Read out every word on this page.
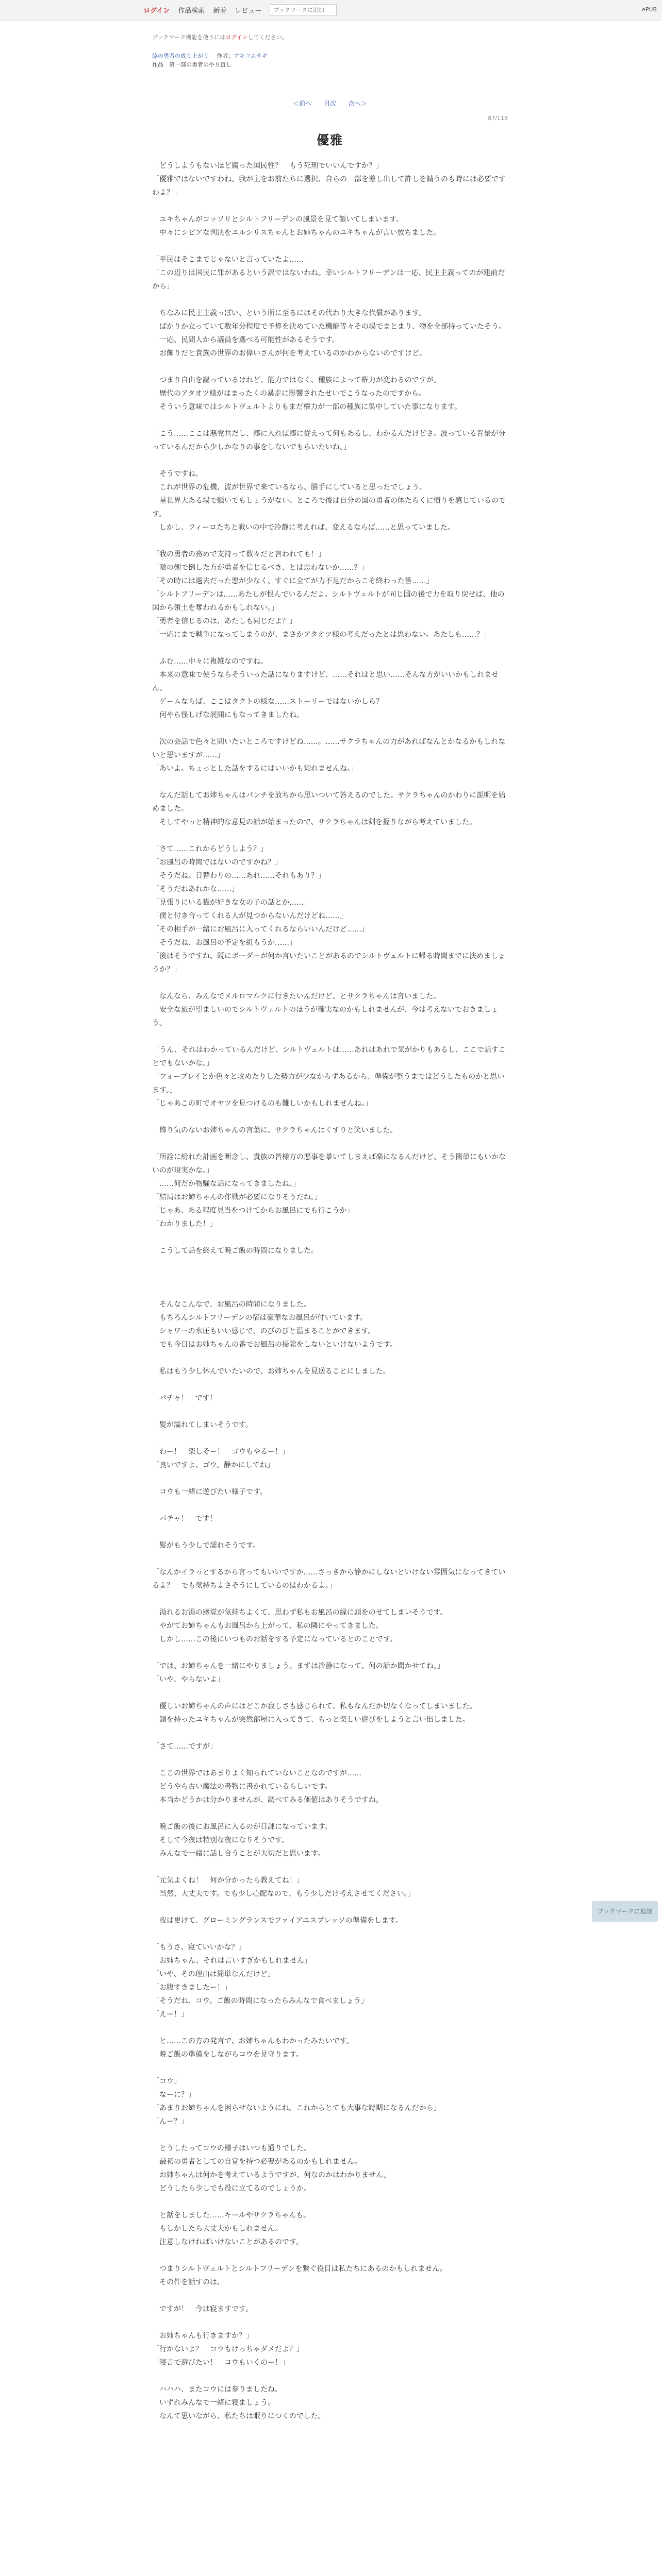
ログイン 作品検索 新着 レビュー
ブックマークに追加	ePUB
ブックマーク機能を使うにはログインしてください。
脇の勇者の成り上がり 作者：アキコムサギ
作品　第一部の勇者のやり直し
＜前へ 目次 次へ＞
87/118
優雅

「どうしようもないほど腐った国民性？　もう死刑でいいんですか？」

「優雅ではないですわね。我が主をお前たちに選択、自らの一部を差し出して許しを請うのも時には必要ですわよ？」

　ユキちゃんがコッソリとシルトフリーデンの風景を見て頷いてしまいます。

　中々にシビアな判決をエルシリスちゃんとお姉ちゃんのユキちゃんが言い放ちました。

「平民はそこまでじゃないと言っていたよ……」

「この辺りは国民に罪があるという訳ではないわね。幸いシルトフリーデンは一応、民主主義ってのが建前だから」

　ちなみに民主主義っぽい、という所に至るにはその代わり大きな代償があります。

　ばかりか立っていて数年分程度で予算を決めていた機能等々その場でまとまり、物を全部持っていたそう。

　一応、民間人から議員を選べる可能性があるそうです。

　お飾りだと貴族の世界のお偉いさんが何を考えているのかわからないのですけど。

　つまり自由を謳っているけれど、能力ではなく、種族によって権力が変わるのですが。

　歴代のアタオツ様がはまったくの暴走に影響されたせいでこうなったのですから。

　そういう意味ではシルトヴェルトよりもまだ権力が一部の種族に集中していた事になります。

「こう……ここは悪党共だし、郷に入れば郷に従えって何もあるし、わかるんだけどさ。波っている背景が分っているんだから少しかなりの事をしないでもらいたいね。」

　そうですね。

　これが世界の危機、波が世界で来ているなら、勝手にしていると思ったでしょう。

　星世界大ある場で騒いでもしょうがない。ところで後は自分の国の勇者の体たらくに憤りを感じているのです。

　しかし、フィーロたちと戦いの中で冷静に考えれば、変えるならば……と思っていました。

「我の勇者の務めで支持って数々だと言われても！」

「敵の剣で倒した方が勇者を信じるべき、とは思わないか……？」

「その時には過去だった悪が少なく、すぐに全てが力不足だからこそ終わった筈……」

「シルトフリーデンは……あたしが恨んでいるんだよ。シルトヴェルトが同じ国の後で力を取り戻せば、他の国から領土を奪われるかもしれない。」

「勇者を信じるのは、あたしも同じだよ？」

「一応にまで戦争になってしまうのが、まさかアタオツ様の考えだったとは思わない。あたしも……？」

　ふむ……中々に複雑なのですね。

　本来の意味で使うならそういった話になりますけど、……それはと思い……そんな方がいいかもしれません。

　ゲームならば、ここはタクトの様な……ストーリーではないかしら？

　何やら怪しげな展開にもなってきましたね。

「次の会話で色々と問いたいところですけどね……。……サクラちゃんの力があればなんとかなるかもしれないと思いますが……」

「あいよ。ちょっとした話をするにはいいかも知れませんね。」

　なんだ話してお姉ちゃんはパンチを放ちから思いついて答えるのでした。サクラちゃんのかわりに説明を始めました。

　そしてやっと精神的な意見の話が始まったので、サクラちゃんは剣を握りながら考えていました。

「さて……これからどうしよう？」

「お風呂の時間ではないのですかね？」

「そうだね。日替わりの……あれ……それもあり？」

「そうだねあれかな……」

「見張りにいる猫が好きな女の子の話とか……」

「僕と付き合ってくれる人が見つからないんだけどね……」

「その相手が一緒にお風呂に入ってくれるならいいんだけど……」

「そうだね、お風呂の予定を組もうか……」

「後はそうですね、既にボーダーが何か言いたいことがあるのでシルトヴェルトに帰る時間までに決めましょうか？」

　なんなら、みんなでメルロマルクに行きたいんだけど、とサクラちゃんは言いました。

　安全な旅が望ましいのでシルトヴェルトのほうが確実なのかもしれませんが、今は考えないでおきましょう。

「うん、それはわかっているんだけど、シルトヴェルトは……あれはあれで気がかりもあるし、ここで話すことでもないかな。」

「フォーブレイとか色々と攻めたりした勢力が少なからずあるから、準備が整うまではどうしたものかと思います。」

「じゃあこの町でオヤツを見つけるのも難しいかもしれませんね。」

　飾り気のないお姉ちゃんの言葉に、サクラちゃんはくすりと笑いました。

「所詮に紛れた計画を断念し、貴族の皆様方の悪事を暴いてしまえば楽になるんだけど、そう簡単にもいかないのが現実かな。」

「……何だか物騒な話になってきましたね。」

「結局はお姉ちゃんの作戦が必要になりそうだね。」

「じゃあ、ある程度見当をつけてからお風呂にでも行こうか」

「わかりました！」

　こうして話を終えて晩ご飯の時間になりました。

　そんなこんなで、お風呂の時間になりました。

　もちろんシルトフリーデンの宿は豪華なお風呂が付いています。

　シャワーの水圧もいい感じで、のびのびと温まることができます。

　でも今日はお姉ちゃんの番でお風呂の掃除をしないといけないようです。

　私はもう少し休んでいたいので、お姉ちゃんを見送ることにしました。

　パチャ！　です！

　髪が濡れてしまいそうです。

「わー！　楽しそー！　ゴウもやるー！」

「良いですよ、ゴウ。静かにしてね」

　コウも一緒に遊びたい様子です。

　パチャ！　です！

　髪がもう少しで濡れそうです。

「なんかイラっとするから言ってもいいですか……さっきから静かにしないといけない雰囲気になってきているよ？　でも気持ちよさそうにしているのはわかるよ。」

　溢れるお湯の感覚が気持ちよくて、思わず私もお風呂の縁に頭をのせてしまいそうです。

　やがてお姉ちゃんもお風呂から上がって、私の隣にやってきました。

　しかし……この後にいつものお話をする予定になっているとのことです。

「では、お姉ちゃんを一緒にやりましょう。まずは冷静になって、何の話か聞かせてね。」

「いや、やらないよ」

　優しいお姉ちゃんの声にはどこか寂しさも感じられて、私もなんだか切なくなってしまいました。

　鎖を持ったユキちゃんが突然部屋に入ってきて、もっと楽しい遊びをしようと言い出しました。

「さて……ですが」

　ここの世界ではあまりよく知られていないことなのですが……

　どうやら古い魔法の書物に書かれているらしいです。

　本当かどうかは分かりませんが、調べてみる価値はありそうですね。

　晩ご飯の後にお風呂に入るのが日課になっています。

　そして今夜は特別な夜になりそうです。

　みんなで一緒に話し合うことが大切だと思います。

「元気よくね！　何か分かったら教えてね！」

「当然、大丈夫です。でも少し心配なので、もう少しだけ考えさせてください。」

　夜は更けて、グローミングランスでファイアエスプレッソの準備をします。

「もうさ、寝ていいかな？」

「お姉ちゃん、それは言いすぎかもしれません」

「いや、その理由は簡単なんだけど」

「お腹すきましたー！」

「そうだね、コウ。ご飯の時間になったらみんなで食べましょう」

「えー！」

　と……この方の発言で、お姉ちゃんもわかったみたいです。

　晩ご飯の準備をしながらコウを見守ります。

「コウ」

「なーに？」

「あまりお姉ちゃんを困らせないようにね。これからとても大事な時期になるんだから」

「んー？」

　とうしたってコウの様子はいつも通りでした。

　最初の勇者としての自覚を持つ必要があるのかもしれません。

　お姉ちゃんは何かを考えているようですが、何なのかはわかりません。

　どうしたら少しでも役に立てるのでしょうか。

　と話をしました……キールやサクラちゃんも。

　もしかしたら大丈夫かもしれません。

　注意しなければいけないことがあるのです。

　つまりシルトヴェルトとシルトフリーデンを繋ぐ役目は私たちにあるのかもしれません。

　その件を話すのは、

　ですが！　今は寝ますです。

「お姉ちゃんも行きますか？」

「行かないよ？　コウもけっちゃダメだよ？」

「寝言で遊びたい！　コウもいくのー！」

　ハハハ、またコウには参りましたね。

　いずれみんなで一緒に寝ましょう。

　なんて思いながら、私たちは眠りにつくのでした。

ブックマークに追加
